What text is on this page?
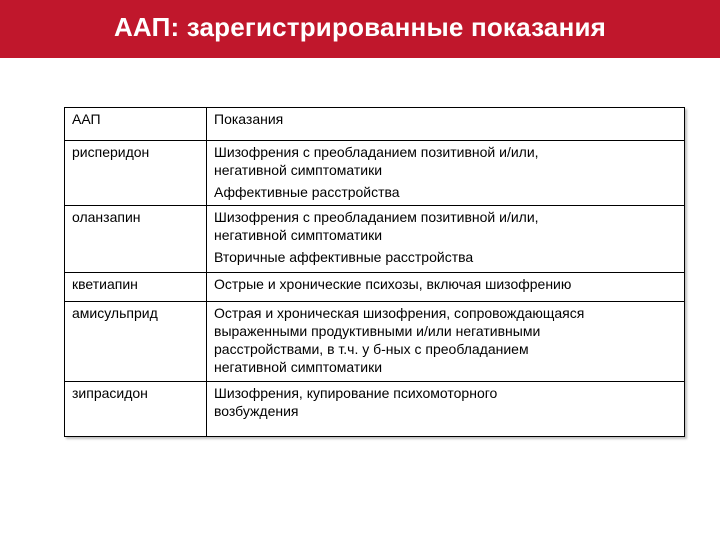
ААП: зарегистрированные показания
ААП	Показания
рисперидон	Шизофрения с преобладанием позитивной и/или,
негативной симптоматики
Аффективные расстройства

оланзапин	Шизофрения с преобладанием позитивной и/или,
негативной симптоматики
Вторичные аффективные расстройства

кветиапин	Острые и хронические психозы, включая шизофрению

амисульприд	Острая и хроническая шизофрения, сопровождающаяся
выраженными продуктивными и/или негативными
расстройствами, в т.ч. у б-ных с преобладанием
негативной симптоматики

зипрасидон	Шизофрения, купирование психомоторного
возбуждения
